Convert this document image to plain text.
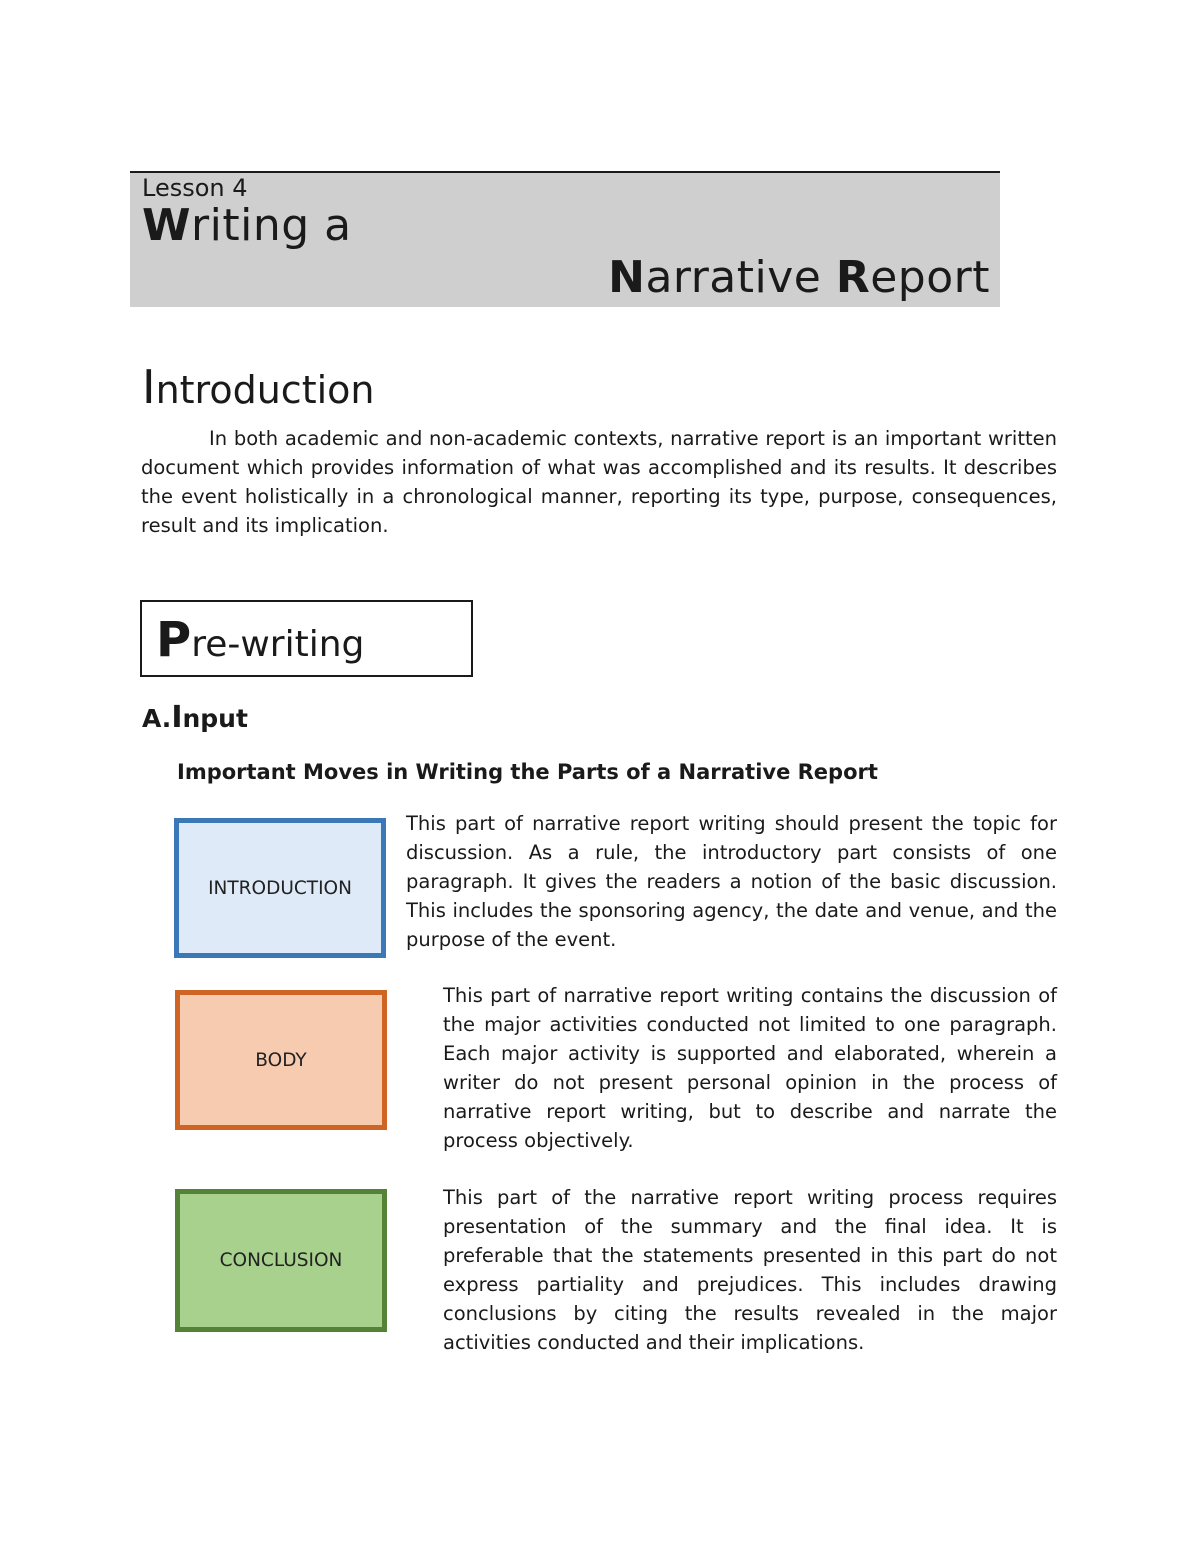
Lesson 4
Writing a
Narrative Report
Introduction

In both academic and non-academic contexts, narrative report is an important written document which provides information of what was accomplished and its results. It describes the event holistically in a chronological manner, reporting its type, purpose, consequences, result and its implication.

Pre-writing
A.Input
Important Moves in Writing the Parts of a Narrative Report
INTRODUCTION

This part of narrative report writing should present the topic for discussion. As a rule, the introductory part consists of one paragraph. It gives the readers a notion of the basic discussion. This includes the sponsoring agency, the date and venue, and the purpose of the event.

BODY

This part of narrative report writing contains the discussion of the major activities conducted not limited to one paragraph. Each major activity is supported and elaborated, wherein a writer do not present personal opinion in the process of narrative report writing, but to describe and narrate the process objectively.

CONCLUSION

This part of the narrative report writing process requires presentation of the summary and the final idea. It is preferable that the statements presented in this part do not express partiality and prejudices. This includes drawing conclusions by citing the results revealed in the major activities conducted and their implications.
